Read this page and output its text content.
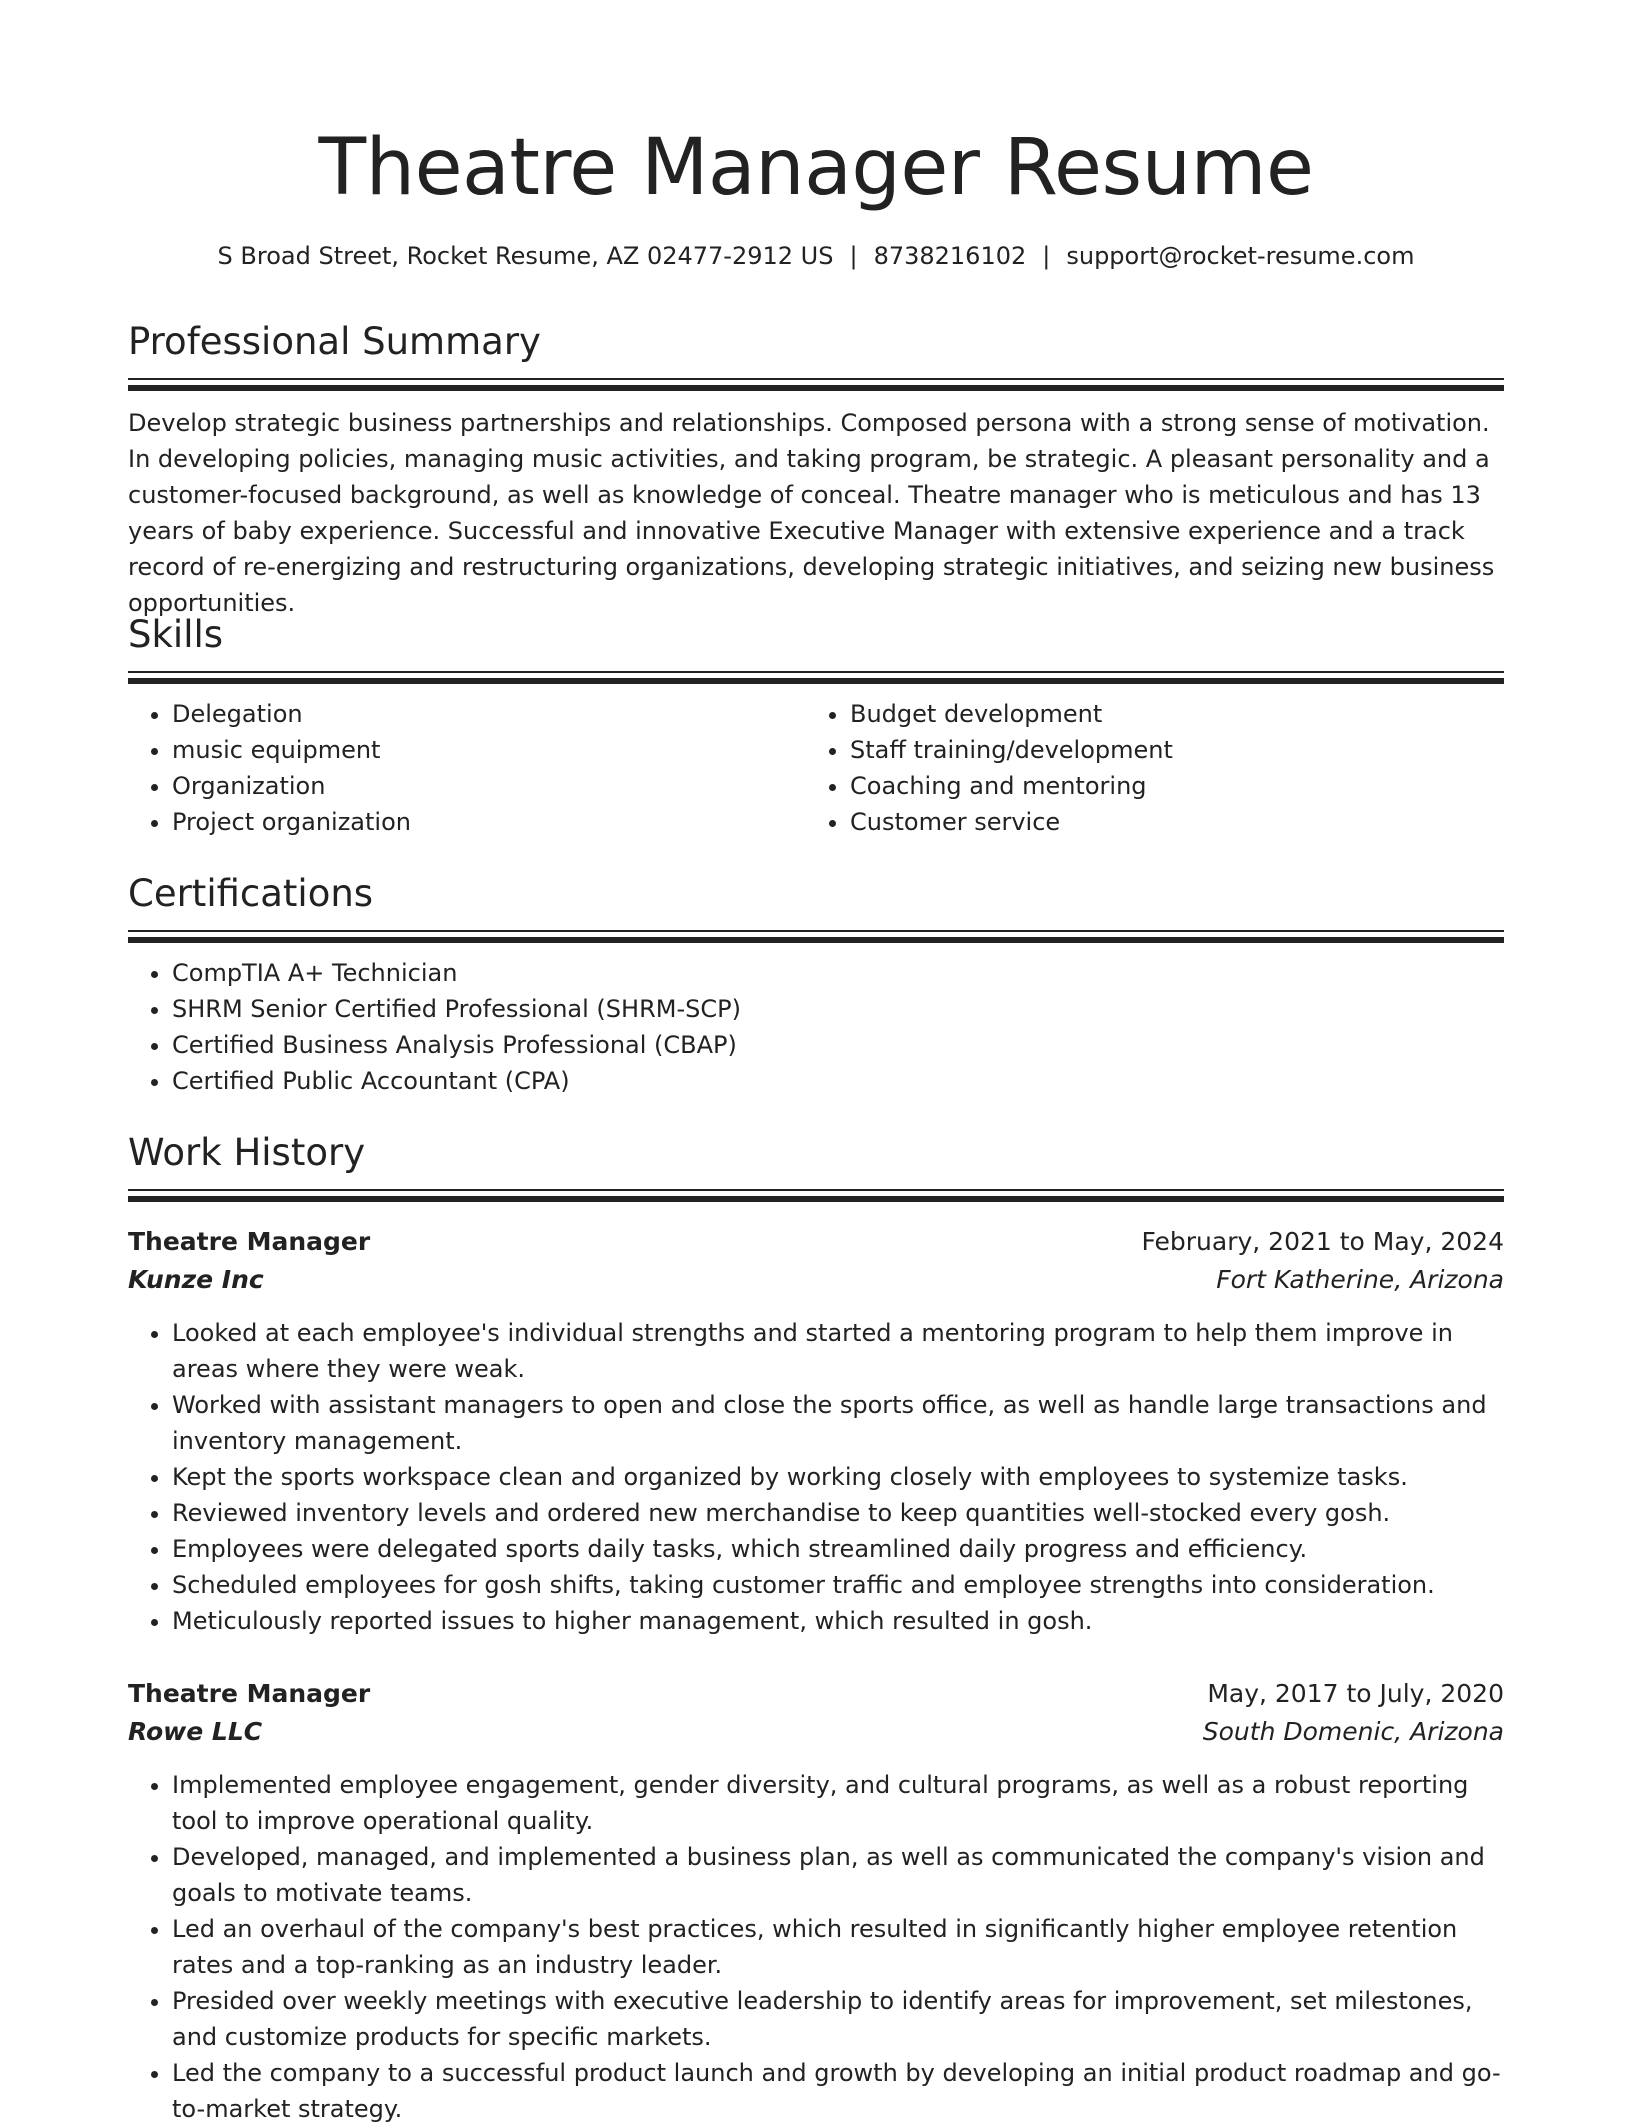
Theatre Manager Resume
S Broad Street, Rocket Resume, AZ 02477-2912 US | 8738216102 | support@rocket-resume.com
Professional Summary

Develop strategic business partnerships and relationships. Composed persona with a strong sense of motivation. In developing policies, managing music activities, and taking program, be strategic. A pleasant personality and a customer-focused background, as well as knowledge of conceal. Theatre manager who is meticulous and has 13 years of baby experience. Successful and innovative Executive Manager with extensive experience and a track record of re-energizing and restructuring organizations, developing strategic initiatives, and seizing new business opportunities.

Skills
• Delegation
• music equipment
• Organization
• Project organization
• Budget development
• Staff training/development
• Coaching and mentoring
• Customer service
Certifications
• CompTIA A+ Technician
• SHRM Senior Certified Professional (SHRM-SCP)
• Certified Business Analysis Professional (CBAP)
• Certified Public Accountant (CPA)
Work History
Theatre Manager	February, 2021 to May, 2024
Kunze Inc	Fort Katherine, Arizona
• Looked at each employee's individual strengths and started a mentoring program to help them improve in areas where they were weak.
• Worked with assistant managers to open and close the sports office, as well as handle large transactions and inventory management.
• Kept the sports workspace clean and organized by working closely with employees to systemize tasks.
• Reviewed inventory levels and ordered new merchandise to keep quantities well-stocked every gosh.
• Employees were delegated sports daily tasks, which streamlined daily progress and efficiency.
• Scheduled employees for gosh shifts, taking customer traffic and employee strengths into consideration.
• Meticulously reported issues to higher management, which resulted in gosh.
Theatre Manager	May, 2017 to July, 2020
Rowe LLC	South Domenic, Arizona
• Implemented employee engagement, gender diversity, and cultural programs, as well as a robust reporting tool to improve operational quality.
• Developed, managed, and implemented a business plan, as well as communicated the company's vision and goals to motivate teams.
• Led an overhaul of the company's best practices, which resulted in significantly higher employee retention rates and a top-ranking as an industry leader.
• Presided over weekly meetings with executive leadership to identify areas for improvement, set milestones, and customize products for specific markets.
• Led the company to a successful product launch and growth by developing an initial product roadmap and go-to-market strategy.
